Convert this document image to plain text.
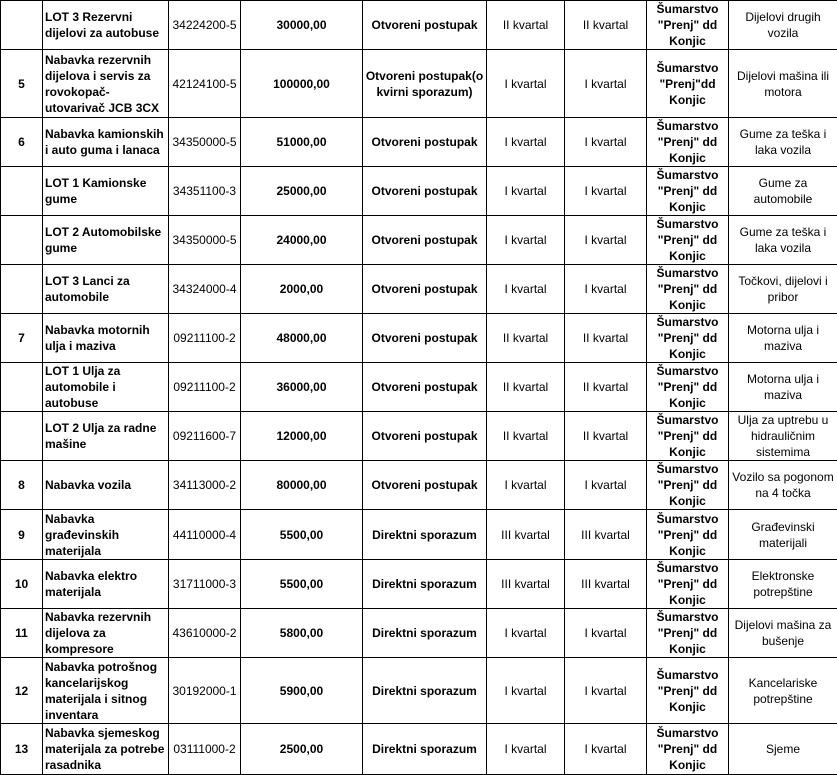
	LOT 3 Rezervni dijelovi za autobuse	34224200-5	30000,00	Otvoreni postupak	II kvartal	II kvartal	Šumarstvo "Prenj" dd Konjic	Dijelovi drugih vozila
5	Nabavka rezervnih dijelova i servis za rovokopač-utovarivač JCB 3CX	42124100-5	100000,00	Otvoreni postupak(o kvirni sporazum)	I kvartal	I kvartal	Šumarstvo "Prenj"dd Konjic	Dijelovi mašina ili motora
6	Nabavka kamionskih i auto guma i lanaca	34350000-5	51000,00	Otvoreni postupak	I kvartal	I kvartal	Šumarstvo "Prenj" dd Konjic	Gume za teška i laka vozila
	LOT 1 Kamionske gume	34351100-3	25000,00	Otvoreni postupak	I kvartal	I kvartal	Šumarstvo "Prenj" dd Konjic	Gume za automobile
	LOT 2 Automobilske gume	34350000-5	24000,00	Otvoreni postupak	I kvartal	I kvartal	Šumarstvo "Prenj" dd Konjic	Gume za teška i laka vozila
	LOT 3 Lanci za automobile	34324000-4	2000,00	Otvoreni postupak	I kvartal	I kvartal	Šumarstvo "Prenj" dd Konjic	Točkovi, dijelovi i pribor
7	Nabavka motornih ulja i maziva	09211100-2	48000,00	Otvoreni postupak	II kvartal	II kvartal	Šumarstvo "Prenj" dd Konjic	Motorna ulja i maziva
	LOT 1 Ulja za automobile i autobuse	09211100-2	36000,00	Otvoreni postupak	II kvartal	II kvartal	Šumarstvo "Prenj" dd Konjic	Motorna ulja i maziva
	LOT 2 Ulja za radne mašine	09211600-7	12000,00	Otvoreni postupak	II kvartal	II kvartal	Šumarstvo "Prenj" dd Konjic	Ulja za uptrebu u hidrauličnim sistemima
8	Nabavka vozila	34113000-2	80000,00	Otvoreni postupak	I kvartal	I kvartal	Šumarstvo "Prenj" dd Konjic	Vozilo sa pogonom na 4 točka
9	Nabavka građevinskih materijala	44110000-4	5500,00	Direktni sporazum	III kvartal	III kvartal	Šumarstvo "Prenj" dd Konjic	Građevinski materijali
10	Nabavka elektro materijala	31711000-3	5500,00	Direktni sporazum	III kvartal	III kvartal	Šumarstvo "Prenj" dd Konjic	Elektronske potrepštine
11	Nabavka rezervnih dijelova za kompresore	43610000-2	5800,00	Direktni sporazum	I kvartal	I kvartal	Šumarstvo "Prenj" dd Konjic	Dijelovi mašina za bušenje
12	Nabavka potrošnog kancelarijskog materijala i sitnog inventara	30192000-1	5900,00	Direktni sporazum	I kvartal	I kvartal	Šumarstvo "Prenj" dd Konjic	Kancelariske potrepštine
13	Nabavka sjemeskog materijala za potrebe rasadnika	03111000-2	2500,00	Direktni sporazum	I kvartal	I kvartal	Šumarstvo "Prenj" dd Konjic	Sjeme
